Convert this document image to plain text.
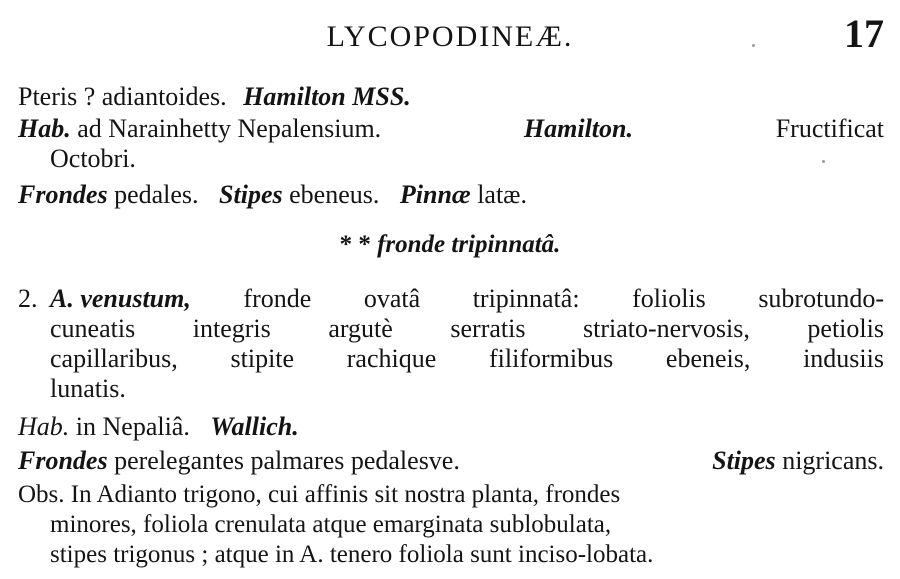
LYCOPODINEÆ.	17
Pteris ? adiantoides. Hamilton MSS.
Hab. ad Narainhetty Nepalensium.	Hamilton.	Fructificat
Octobri.
Frondes pedales. Stipes ebeneus. Pinnæ latæ.
* * fronde tripinnatâ.
2. A. venustum, fronde ovatâ tripinnatâ: foliolis subrotundo-
cuneatis integris argutè serratis striato-nervosis, petiolis
capillaribus, stipite rachique filiformibus ebeneis, indusiis
lunatis.
Hab. in Nepaliâ. Wallich.
Frondes perelegantes palmares pedalesve.	Stipes nigricans.
Obs. In Adianto trigono, cui affinis sit nostra planta, frondes
minores, foliola crenulata atque emarginata sublobulata,
stipes trigonus ; atque in A. tenero foliola sunt inciso-lobata.
